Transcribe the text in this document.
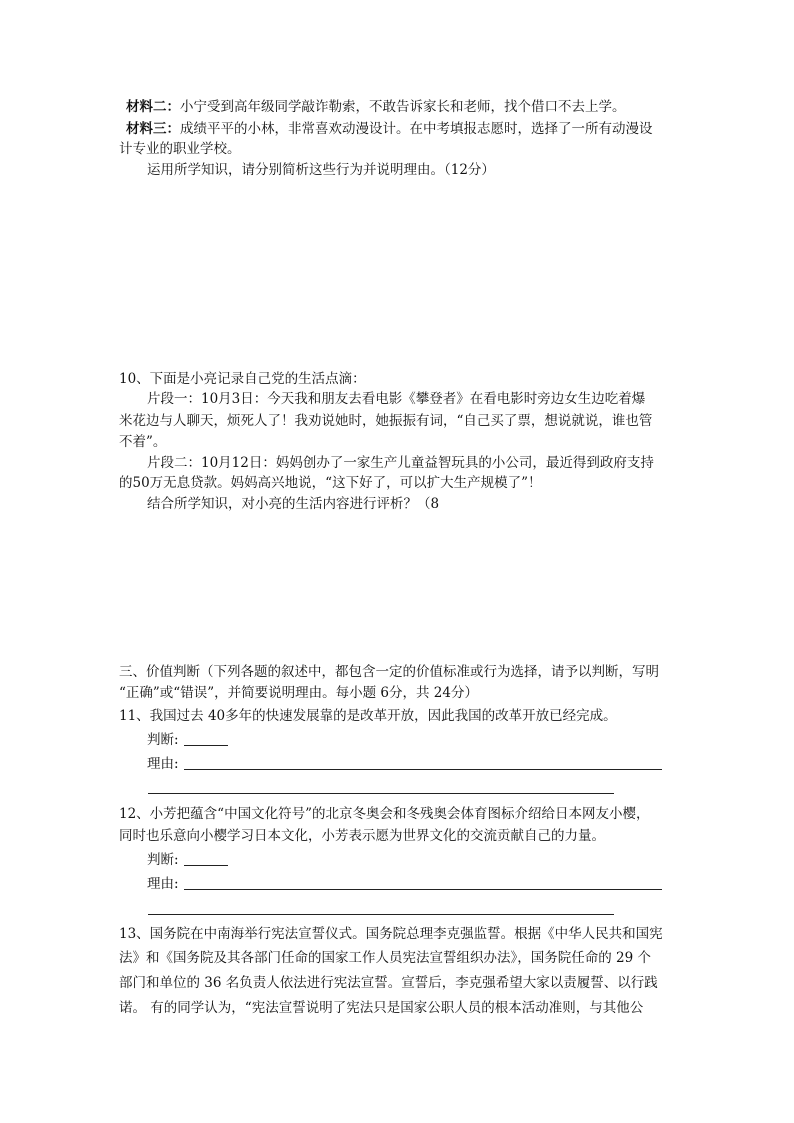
材料二：小宁受到高年级同学敲诈勒索，不敢告诉家长和老师，找个借口不去上学。
材料三：成绩平平的小林，非常喜欢动漫设计。在中考填报志愿时，选择了一所有动漫设
计专业的职业学校。
运用所学知识，请分别简析这些行为并说明理由。（12分）
10、下面是小亮记录自己党的生活点滴：
片段一：10月3日：今天我和朋友去看电影《攀登者》在看电影时旁边女生边吃着爆
米花边与人聊天，烦死人了！我劝说她时，她振振有词，“自己买了票，想说就说，谁也管
不着”。
片段二：10月12日：妈妈创办了一家生产儿童益智玩具的小公司，最近得到政府支持
的50万无息贷款。妈妈高兴地说，“这下好了，可以扩大生产规模了”！
结合所学知识，对小亮的生活内容进行评析？（8
三、价值判断（下列各题的叙述中，都包含一定的价值标准或行为选择，请予以判断，写明
“正确”或“错误”，并简要说明理由。每小题 6分，共 24分）
11、我国过去 40多年的快速发展靠的是改革开放，因此我国的改革开放已经完成。
判断:
理由:
12、小芳把蕴含“中国文化符号”的北京冬奥会和冬残奥会体育图标介绍给日本网友小樱，
同时也乐意向小樱学习日本文化，小芳表示愿为世界文化的交流贡献自己的力量。
判断:
理由:
13、国务院在中南海举行宪法宣誓仪式。国务院总理李克强监誓。根据《中华人民共和国宪
法》和《国务院及其各部门任命的国家工作人员宪法宣誓组织办法》，国务院任命的 29 个
部门和单位的 36 名负责人依法进行宪法宣誓。宣誓后，李克强希望大家以责履誓、以行践
诺。 有的同学认为，“宪法宣誓说明了宪法只是国家公职人员的根本活动准则，与其他公
